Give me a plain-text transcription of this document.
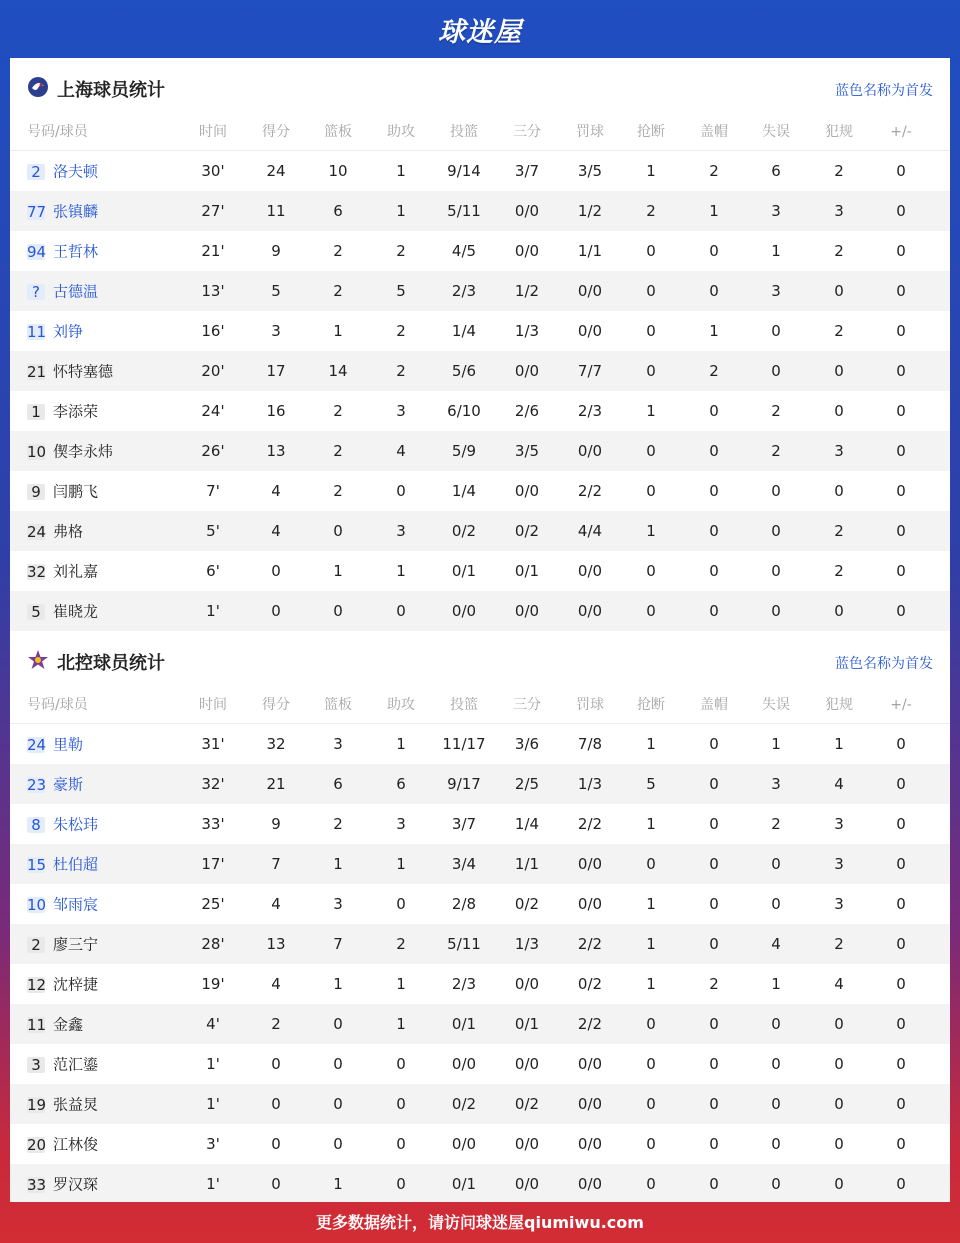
球迷屋
上海球员统计	蓝色名称为首发
号码/球员	时间	得分	篮板	助攻	投篮	三分	罚球	抢断	盖帽	失误	犯规	+/-
2 洛夫顿	30'	24	10	1	9/14	3/7	3/5	1	2	6	2	0
77 张镇麟	27'	11	6	1	5/11	0/0	1/2	2	1	3	3	0
94 王哲林	21'	9	2	2	4/5	0/0	1/1	0	0	1	2	0
? 古德温	13'	5	2	5	2/3	1/2	0/0	0	0	3	0	0
11 刘铮	16'	3	1	2	1/4	1/3	0/0	0	1	0	2	0
21 怀特塞德	20'	17	14	2	5/6	0/0	7/7	0	2	0	0	0
1 李添荣	24'	16	2	3	6/10	2/6	2/3	1	0	2	0	0
10 偰李永炜	26'	13	2	4	5/9	3/5	0/0	0	0	2	3	0
9 闫鹏飞	7'	4	2	0	1/4	0/0	2/2	0	0	0	0	0
24 弗格	5'	4	0	3	0/2	0/2	4/4	1	0	0	2	0
32 刘礼嘉	6'	0	1	1	0/1	0/1	0/0	0	0	0	2	0
5 崔晓龙	1'	0	0	0	0/0	0/0	0/0	0	0	0	0	0
北控球员统计	蓝色名称为首发
号码/球员	时间	得分	篮板	助攻	投篮	三分	罚球	抢断	盖帽	失误	犯规	+/-
24 里勒	31'	32	3	1	11/17	3/6	7/8	1	0	1	1	0
23 豪斯	32'	21	6	6	9/17	2/5	1/3	5	0	3	4	0
8 朱松玮	33'	9	2	3	3/7	1/4	2/2	1	0	2	3	0
15 杜伯超	17'	7	1	1	3/4	1/1	0/0	0	0	0	3	0
10 邹雨宸	25'	4	3	0	2/8	0/2	0/0	1	0	0	3	0
2 廖三宁	28'	13	7	2	5/11	1/3	2/2	1	0	4	2	0
12 沈梓捷	19'	4	1	1	2/3	0/0	0/2	1	2	1	4	0
11 金鑫	4'	2	0	1	0/1	0/1	2/2	0	0	0	0	0
3 范汇鎏	1'	0	0	0	0/0	0/0	0/0	0	0	0	0	0
19 张益炅	1'	0	0	0	0/2	0/2	0/0	0	0	0	0	0
20 江林俊	3'	0	0	0	0/0	0/0	0/0	0	0	0	0	0
33 罗汉琛	1'	0	1	0	0/1	0/0	0/0	0	0	0	0	0
更多数据统计，请访问球迷屋qiumiwu.com
